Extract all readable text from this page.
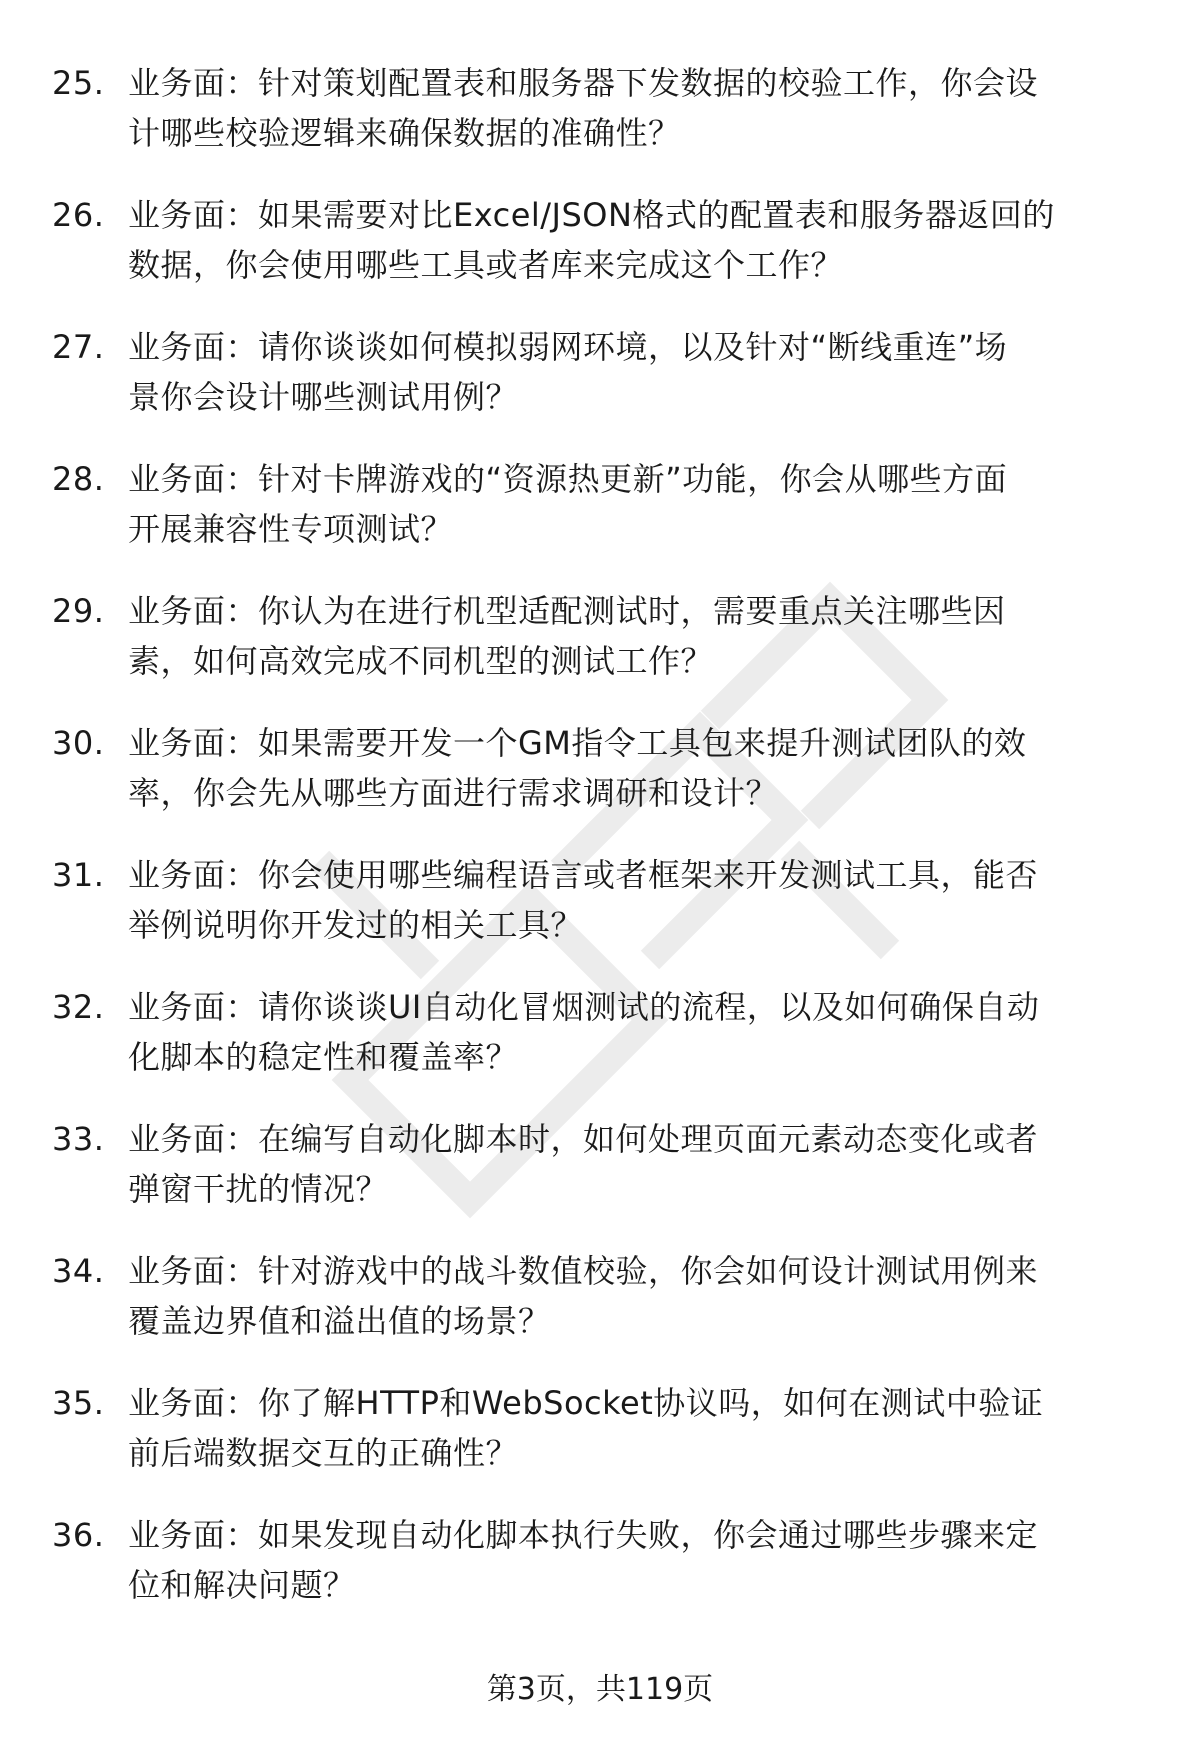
25. 业务面：针对策划配置表和服务器下发数据的校验工作，你会设
计哪些校验逻辑来确保数据的准确性？
26. 业务面：如果需要对比Excel/JSON格式的配置表和服务器返回的
数据，你会使用哪些工具或者库来完成这个工作？
27. 业务面：请你谈谈如何模拟弱网环境，以及针对“断线重连”场
景你会设计哪些测试用例？
28. 业务面：针对卡牌游戏的“资源热更新”功能，你会从哪些方面
开展兼容性专项测试？
29. 业务面：你认为在进行机型适配测试时，需要重点关注哪些因
素，如何高效完成不同机型的测试工作？
30. 业务面：如果需要开发一个GM指令工具包来提升测试团队的效
率，你会先从哪些方面进行需求调研和设计？
31. 业务面：你会使用哪些编程语言或者框架来开发测试工具，能否
举例说明你开发过的相关工具？
32. 业务面：请你谈谈UI自动化冒烟测试的流程，以及如何确保自动
化脚本的稳定性和覆盖率？
33. 业务面：在编写自动化脚本时，如何处理页面元素动态变化或者
弹窗干扰的情况？
34. 业务面：针对游戏中的战斗数值校验，你会如何设计测试用例来
覆盖边界值和溢出值的场景？
35. 业务面：你了解HTTP和WebSocket协议吗，如何在测试中验证
前后端数据交互的正确性？
36. 业务面：如果发现自动化脚本执行失败，你会通过哪些步骤来定
位和解决问题？
第3页，共119页
